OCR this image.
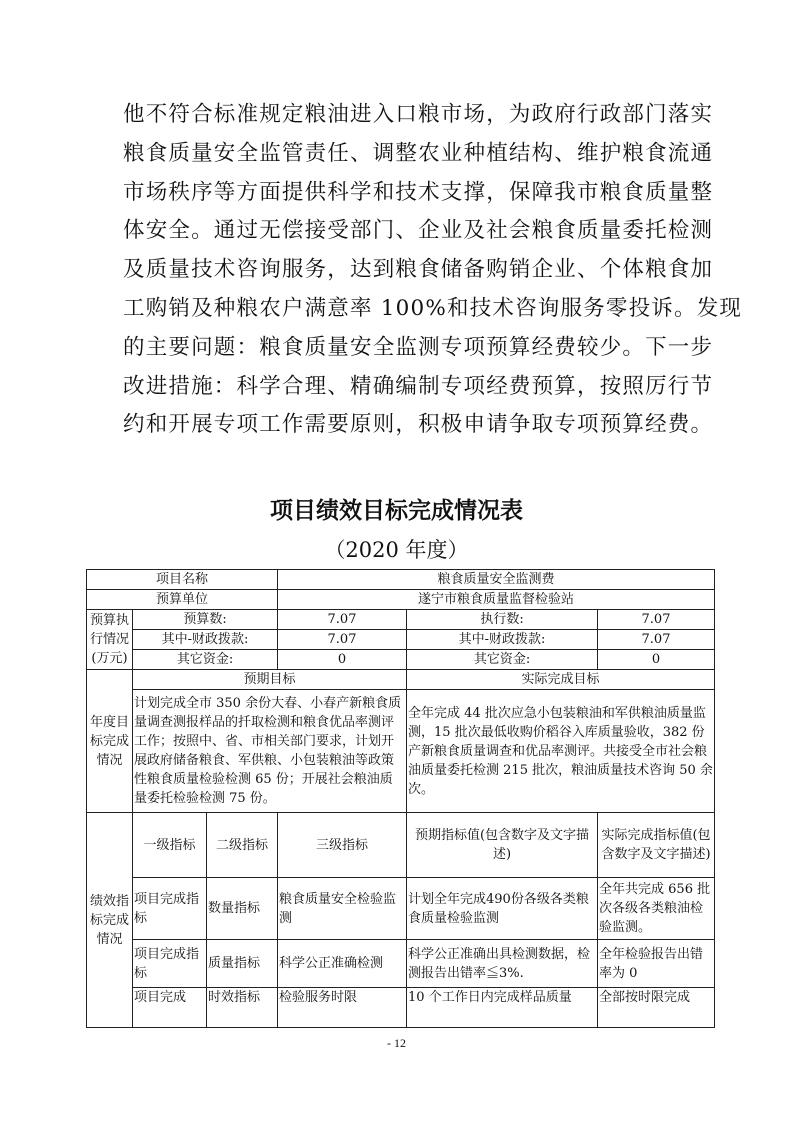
他不符合标准规定粮油进入口粮市场，为政府行政部门落实
粮食质量安全监管责任、调整农业种植结构、维护粮食流通
市场秩序等方面提供科学和技术支撑，保障我市粮食质量整
体安全。通过无偿接受部门、企业及社会粮食质量委托检测
及质量技术咨询服务，达到粮食储备购销企业、个体粮食加
工购销及种粮农户满意率 100%和技术咨询服务零投诉。发现
的主要问题：粮食质量安全监测专项预算经费较少。下一步
改进措施：科学合理、精确编制专项经费预算，按照厉行节
约和开展专项工作需要原则，积极申请争取专项预算经费。
项目绩效目标完成情况表
（2020 年度）
项目名称			粮食质量安全监测费		
预算单位			遂宁市粮食质量监督检验站		
预算执行情况(万元)	预算数:		7.07	执行数:	7.07
	其中-财政拨款:		7.07	其中-财政拨款:	7.07
	其它资金:		0	其它资金:	0
年度目标完成情况	预期目标			实际完成目标	
	计划完成全市 350 余份大春、小春产新粮食质量调查测报样品的扦取检测和粮食优品率测评工作；按照中、省、市相关部门要求，计划开展政府储备粮食、军供粮、小包装粮油等政策性粮食质量检验检测 65 份；开展社会粮油质量委托检验检测 75 份。			全年完成 44 批次应急小包装粮油和军供粮油质量监测，15 批次最低收购价稻谷入库质量验收，382 份产新粮食质量调查和优品率测评。共接受全市社会粮油质量委托检测 215 批次，粮油质量技术咨询 50 余次。	
绩效指标完成情况	一级指标	二级指标	三级指标	预期指标值(包含数字及文字描述)	实际完成指标值(包含数字及文字描述)
	项目完成指标	数量指标	粮食质量安全检验监测	计划全年完成490份各级各类粮食质量检验监测	全年共完成 656 批次各级各类粮油检验监测。
	项目完成指标	质量指标	科学公正准确检测	科学公正准确出具检测数据，检测报告出错率≦3%.	全年检验报告出错率为 0
	项目完成	时效指标	检验服务时限	10 个工作日内完成样品质量	全部按时限完成
- 12
